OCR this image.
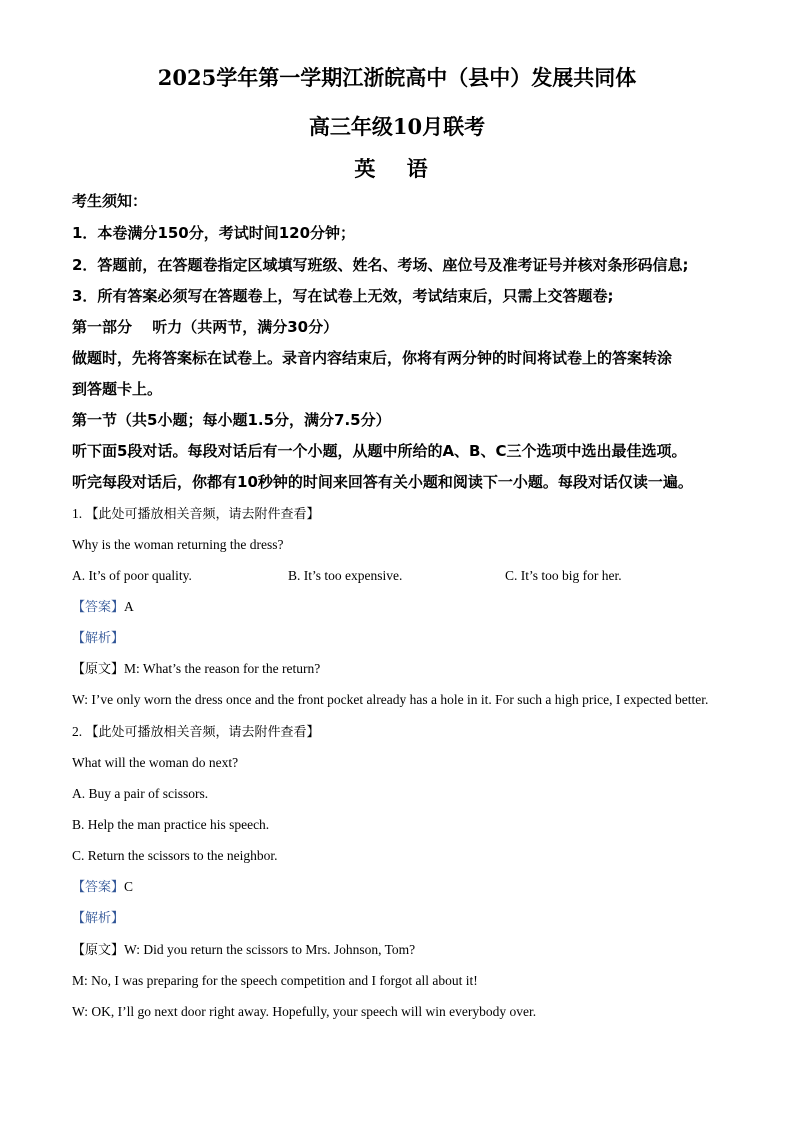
2025学年第一学期江浙皖高中（县中）发展共同体
高三年级10月联考
英 语
考生须知：
1．本卷满分150分，考试时间120分钟；
2．答题前，在答题卷指定区域填写班级、姓名、考场、座位号及准考证号并核对条形码信息;
3．所有答案必须写在答题卷上，写在试卷上无效，考试结束后，只需上交答题卷;
第一部分　 听力（共两节，满分30分）
做题时，先将答案标在试卷上。录音内容结束后，你将有两分钟的时间将试卷上的答案转涂
到答题卡上。
第一节（共5小题；每小题1.5分，满分7.5分）
听下面5段对话。每段对话后有一个小题，从题中所给的A、B、C三个选项中选出最佳选项。
听完每段对话后，你都有10秒钟的时间来回答有关小题和阅读下一小题。每段对话仅读一遍。
1. 【此处可播放相关音频，请去附件查看】
Why is the woman returning the dress?
A. It’s of poor quality.	B. It’s too expensive.	C. It’s too big for her.
【答案】A
【解析】
【原文】M: What’s the reason for the return?
W: I’ve only worn the dress once and the front pocket already has a hole in it. For such a high price, I expected better.
2. 【此处可播放相关音频，请去附件查看】
What will the woman do next?
A. Buy a pair of scissors.
B. Help the man practice his speech.
C. Return the scissors to the neighbor.
【答案】C
【解析】
【原文】W: Did you return the scissors to Mrs. Johnson, Tom?
M: No, I was preparing for the speech competition and I forgot all about it!
W: OK, I’ll go next door right away. Hopefully, your speech will win everybody over.
